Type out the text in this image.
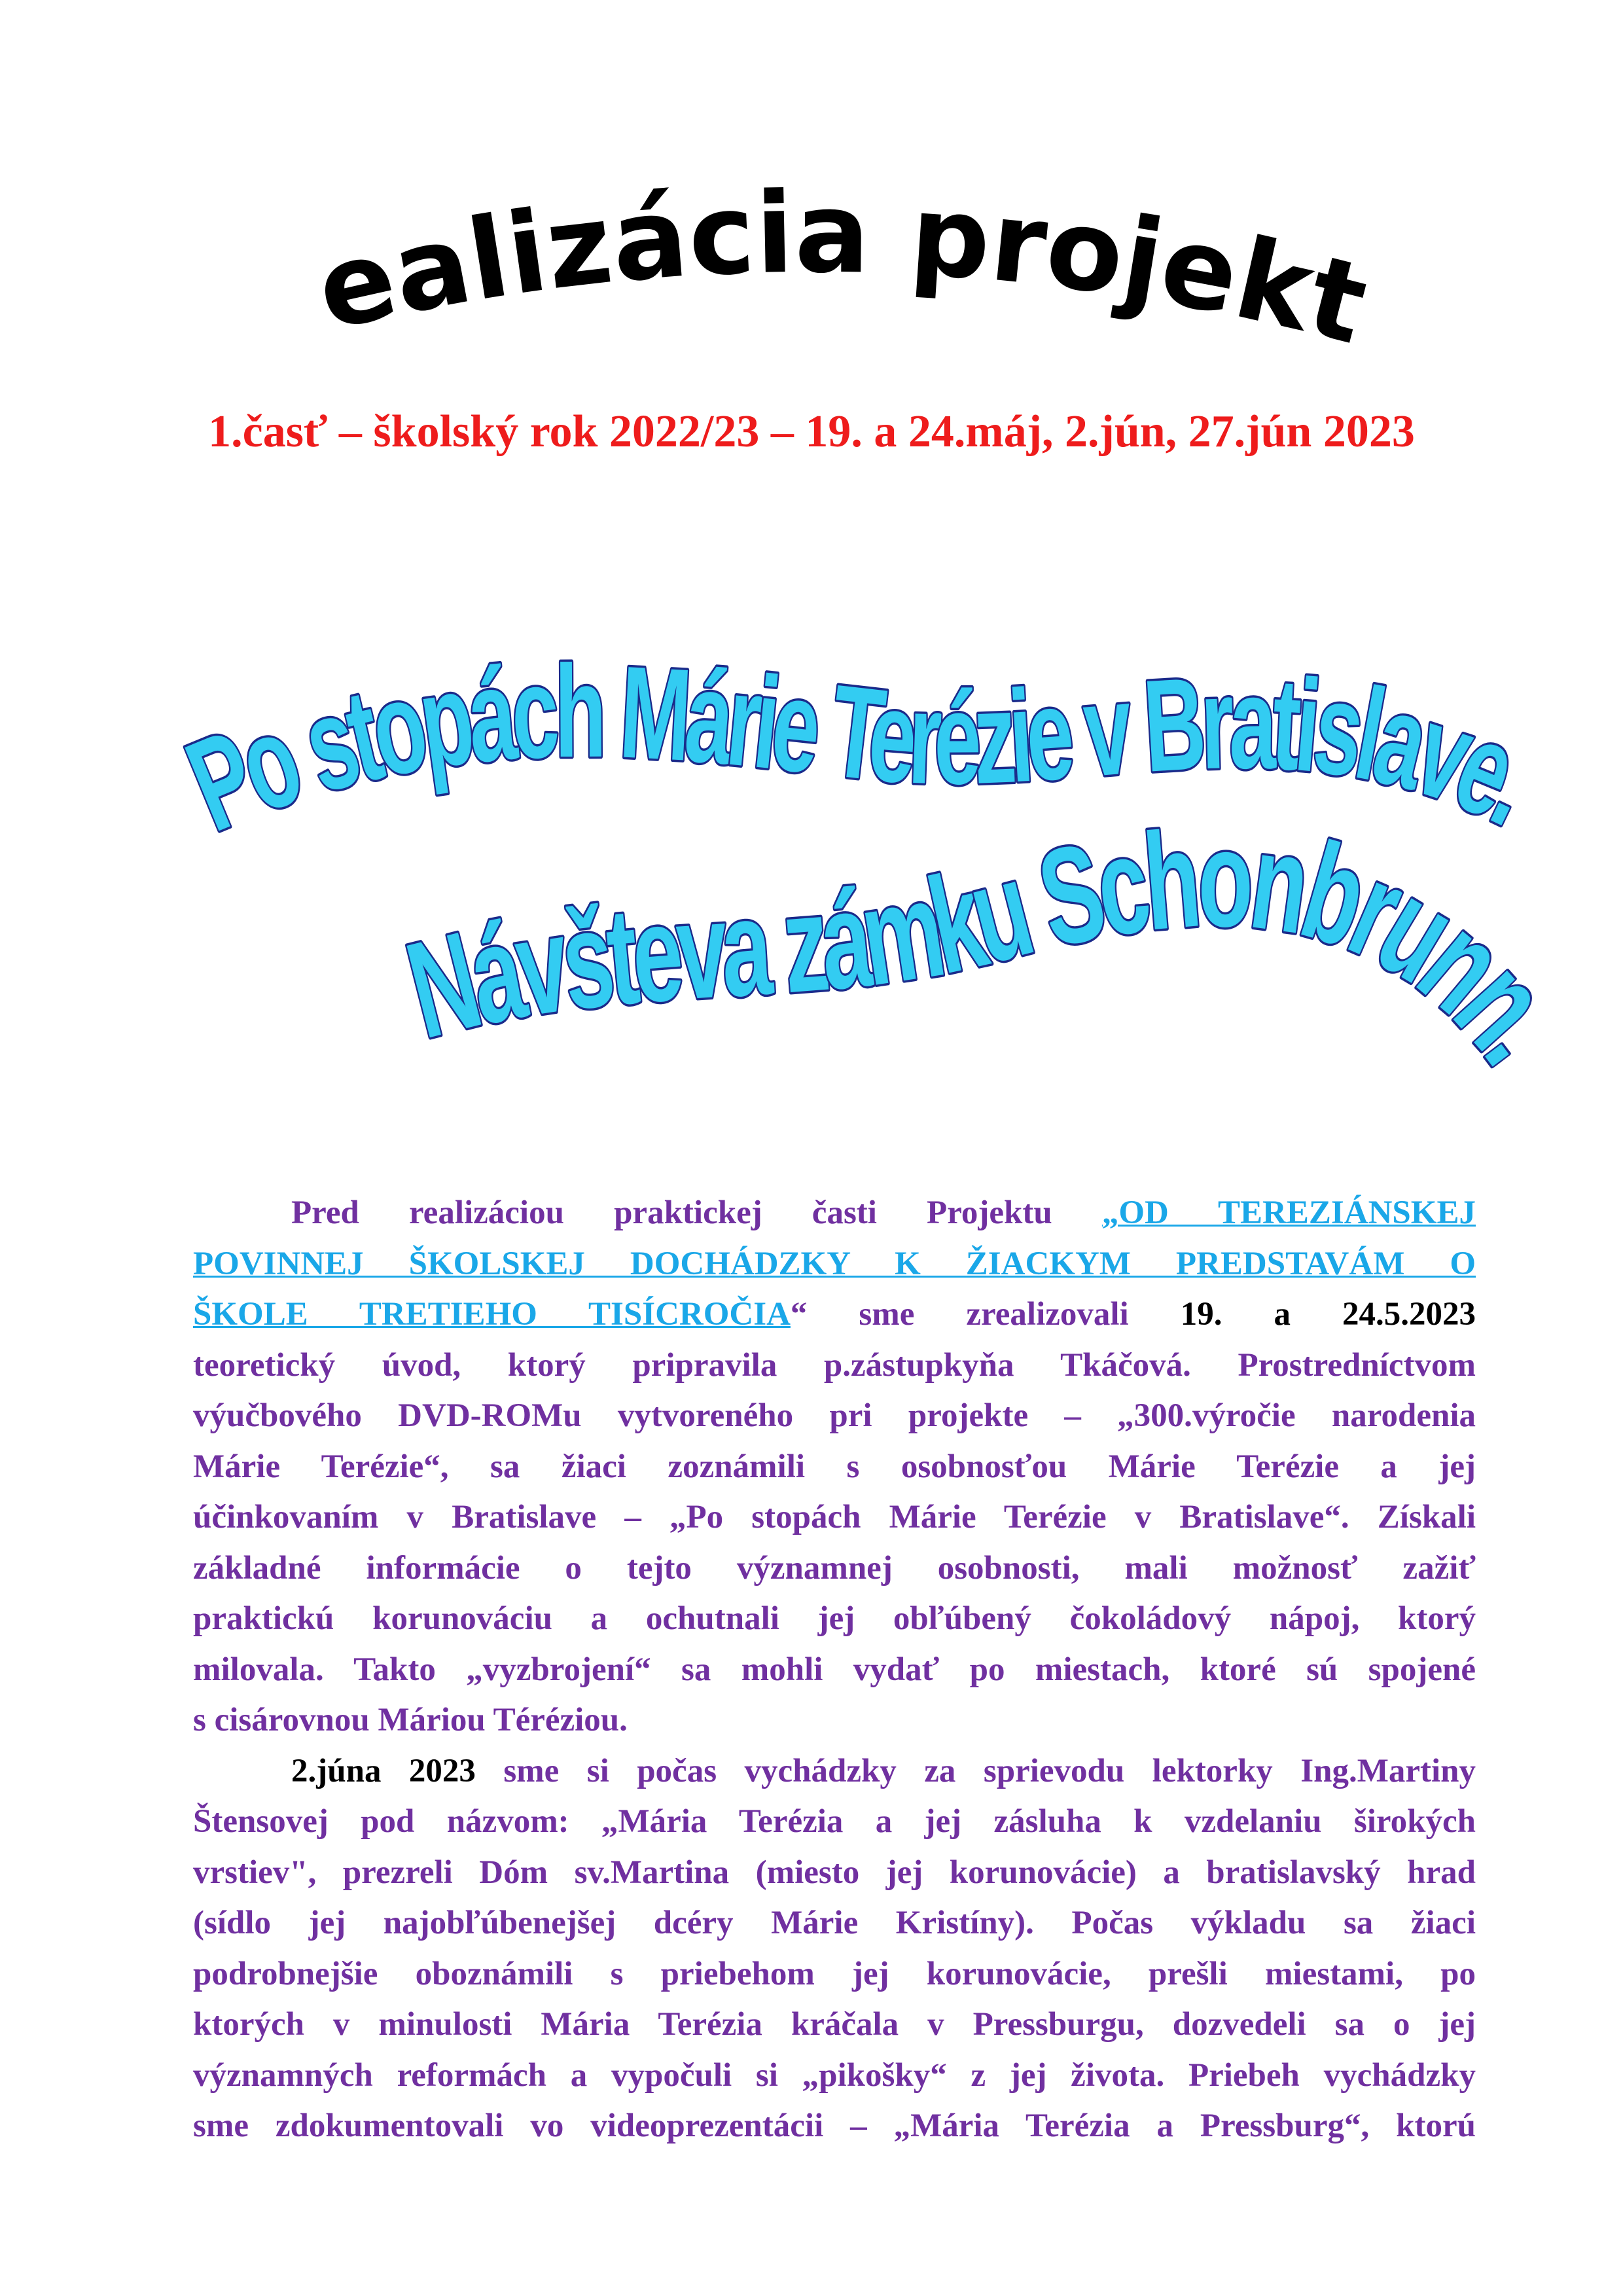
Realizácia projektu
1.časť – školský rok 2022/23 – 19. a 24.máj, 2.jún, 27.jún 2023
Po stopách Márie Terézie v Bratislave.
Návšteva zámku Schonbrunn.

Pred realizáciou praktickej časti Projektu „OD TEREZIÁNSKEJ
POVINNEJ ŠKOLSKEJ DOCHÁDZKY K ŽIACKYM PREDSTAVÁM O
ŠKOLE TRETIEHO TISÍCROČIA“ sme zrealizovali 19. a 24.5.2023
teoretický úvod, ktorý pripravila p.zástupkyňa Tkáčová. Prostredníctvom
výučbového DVD-ROMu vytvoreného pri projekte – „300.výročie narodenia
Márie Terézie“, sa žiaci zoznámili s osobnosťou Márie Terézie a jej
účinkovaním v Bratislave – „Po stopách Márie Terézie v Bratislave“. Získali
základné informácie o tejto významnej osobnosti, mali možnosť zažiť
praktickú korunováciu a ochutnali jej obľúbený čokoládový nápoj, ktorý
milovala. Takto „vyzbrojení“ sa mohli vydať po miestach, ktoré sú spojené
s cisárovnou Máriou Téréziou.

2.júna 2023 sme si počas vychádzky za sprievodu lektorky Ing.Martiny
Štensovej pod názvom: „Mária Terézia a jej zásluha k vzdelaniu širokých
vrstiev", prezreli Dóm sv.Martina (miesto jej korunovácie) a bratislavský hrad
(sídlo jej najobľúbenejšej dcéry Márie Kristíny). Počas výkladu sa žiaci
podrobnejšie oboznámili s priebehom jej korunovácie, prešli miestami, po
ktorých v minulosti Mária Terézia kráčala v Pressburgu, dozvedeli sa o jej
významných reformách a vypočuli si „pikošky“ z jej života. Priebeh vychádzky
sme zdokumentovali vo videoprezentácii – „Mária Terézia a Pressburg“, ktorú
